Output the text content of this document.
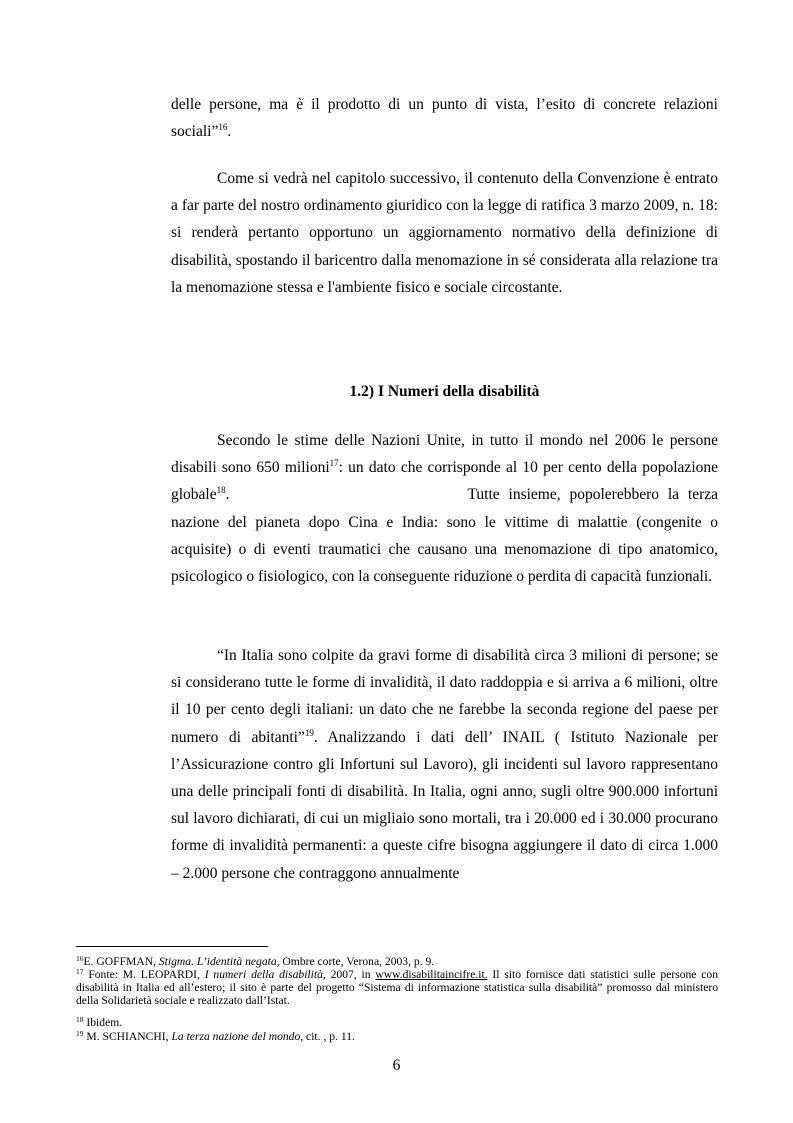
delle persone, ma è il prodotto di un punto di vista, l’esito di concrete relazioni sociali”$^{16}$.

Come si vedrà nel capitolo successivo, il contenuto della Convenzione è entrato a far parte del nostro ordinamento giuridico con la legge di ratifica 3 marzo 2009, n. 18: si renderà pertanto opportuno un aggiornamento normativo della definizione di disabilità, spostando il baricentro dalla menomazione in sé considerata alla relazione tra la menomazione stessa e l'ambiente fisico e sociale circostante.

1.2) I Numeri della disabilità

Secondo le stime delle Nazioni Unite, in tutto il mondo nel 2006 le persone disabili sono 650 milioni$^{17}$: un dato che corrisponde al 10 per cento della popolazione globale$^{18}$.	Tutte insieme, popolerebbero la terza nazione del pianeta dopo Cina e India: sono le vittime di malattie (congenite o acquisite) o di eventi traumatici che causano una menomazione di tipo anatomico, psicologico o fisiologico, con la conseguente riduzione o perdita di capacità funzionali.

“In Italia sono colpite da gravi forme di disabilità circa 3 milioni di persone; se si considerano tutte le forme di invalidità, il dato raddoppia e si arriva a 6 milioni, oltre il 10 per cento degli italiani: un dato che ne farebbe la seconda regione del paese per numero di abitanti”$^{19}$. Analizzando i dati dell’ INAIL ( Istituto Nazionale per l’Assicurazione contro gli Infortuni sul Lavoro), gli incidenti sul lavoro rappresentano una delle principali fonti di disabilità. In Italia, ogni anno, sugli oltre 900.000 infortuni sul lavoro dichiarati, di cui un migliaio sono mortali, tra i 20.000 ed i 30.000 procurano forme di invalidità permanenti: a queste cifre bisogna aggiungere il dato di circa 1.000 – 2.000 persone che contraggono annualmente

$^{16}$E. GOFFMAN, Stigma. L’identità negata, Ombre corte, Verona, 2003, p. 9.

$^{17}$ Fonte: M. LEOPARDI, I numeri della disabilità, 2007, in www.disabilitaincifre.it. Il sito fornisce dati statistici sulle persone con disabilità in Italia ed all’estero; il sito è parte del progetto “Sistema di informazione statistica sulla disabilità” promosso dal ministero della Solidarietà sociale e realizzato dall’Istat.

$^{18}$ Ibidem.

$^{19}$ M. SCHIANCHI, La terza nazione del mondo, cit. , p. 11.

6
